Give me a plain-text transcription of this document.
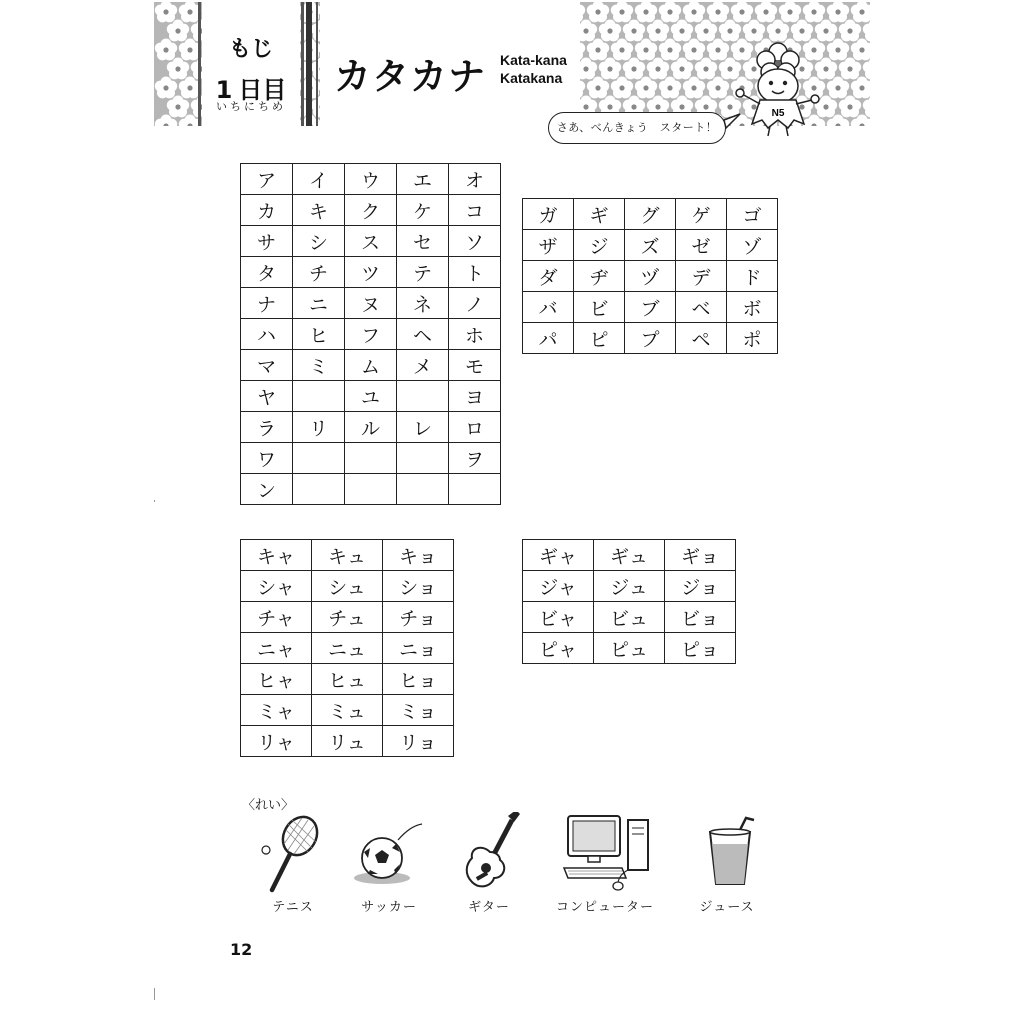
もじ
1 日目
いちにちめ
カタカナ Kata-kana
Katakana
さあ、べんきょう　スタート！
N5
ア	イ	ウ	エ	オ
カ	キ	ク	ケ	コ
サ	シ	ス	セ	ソ
タ	チ	ツ	テ	ト
ナ	ニ	ヌ	ネ	ノ
ハ	ヒ	フ	ヘ	ホ
マ	ミ	ム	メ	モ
ヤ		ユ		ヨ
ラ	リ	ル	レ	ロ
ワ				ヲ
ン				
ガ	ギ	グ	ゲ	ゴ
ザ	ジ	ズ	ゼ	ゾ
ダ	ヂ	ヅ	デ	ド
バ	ビ	ブ	ベ	ボ
パ	ピ	プ	ペ	ポ
キャ	キュ	キョ
シャ	シュ	ショ
チャ	チュ	チョ
ニャ	ニュ	ニョ
ヒャ	ヒュ	ヒョ
ミャ	ミュ	ミョ
リャ	リュ	リョ
ギャ	ギュ	ギョ
ジャ	ジュ	ジョ
ビャ	ビュ	ビョ
ピャ	ピュ	ピョ
〈れい〉
テニス	サッカー	ギター	コンピューター	ジュース
12
